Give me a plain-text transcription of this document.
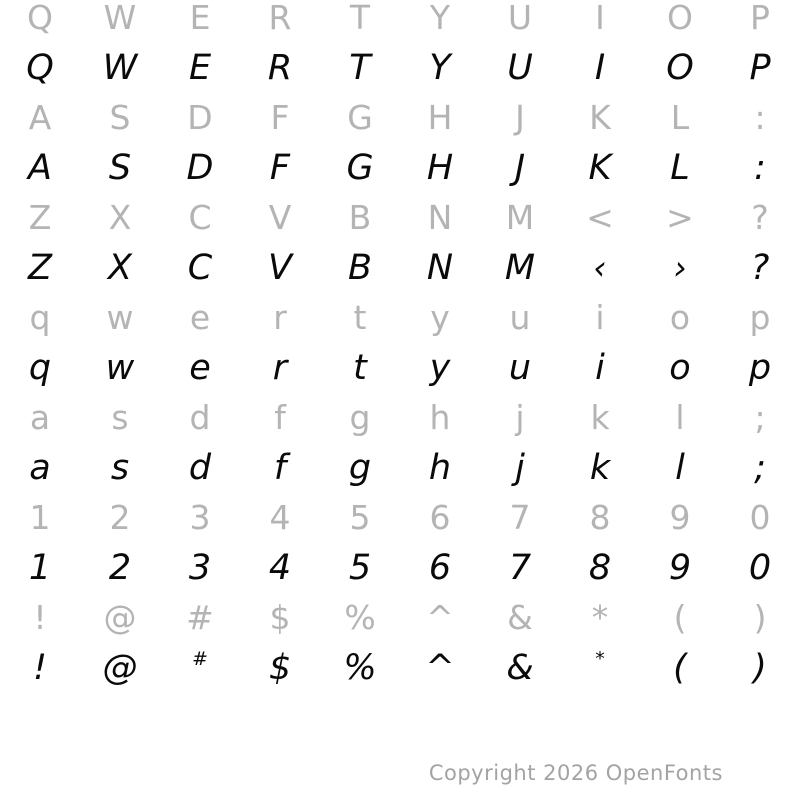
Q	W	E	R	T	Y	U	I	O	P
Q	W	E	R	T	Y	U	I	O	P
A	S	D	F	G	H	J	K	L	:
A	S	D	F	G	H	J	K	L	:
Z	X	C	V	B	N	M	<	>	?
Z	X	C	V	B	N	M	‹	›	?
q	w	e	r	t	y	u	i	o	p
q	w	e	r	t	y	u	i	o	p
a	s	d	f	g	h	j	k	l	;
a	s	d	f	g	h	j	k	l	;
1	2	3	4	5	6	7	8	9	0
1	2	3	4	5	6	7	8	9	0
!	@	#	$	%	^	&	*	(	)
!	@	#	$	%	^	&	*	(	)
Copyright 2026 OpenFonts
